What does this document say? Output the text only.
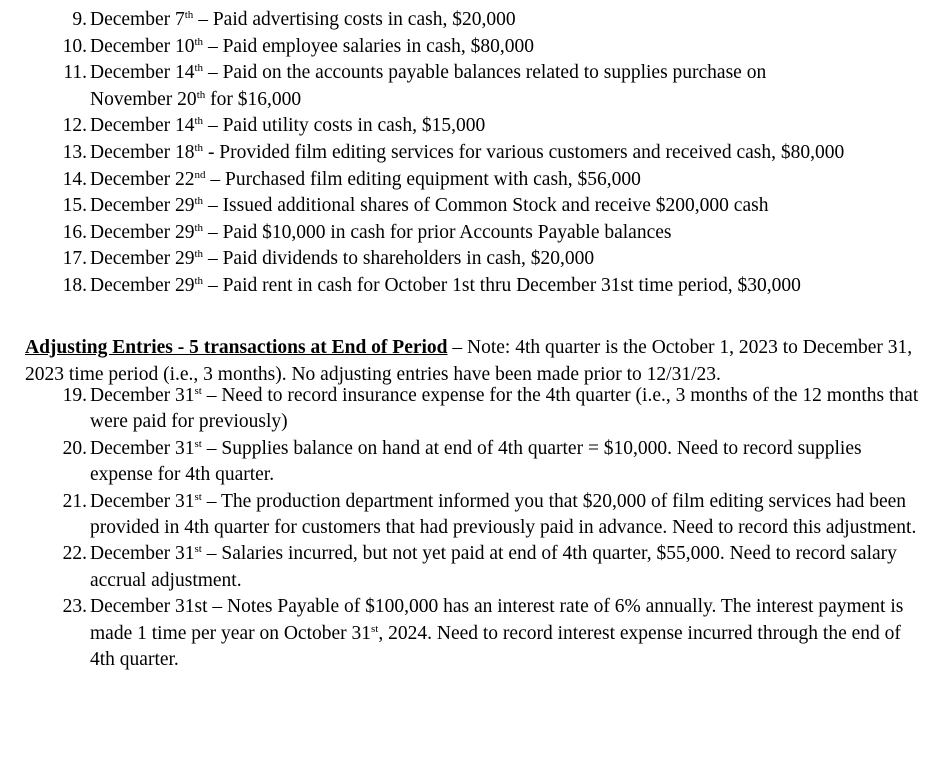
9. December 7th – Paid advertising costs in cash, $20,000
10. December 10th – Paid employee salaries in cash, $80,000
11. December 14th – Paid on the accounts payable balances related to supplies purchase on
November 20th for $16,000
12. December 14th – Paid utility costs in cash, $15,000
13. December 18th - Provided film editing services for various customers and received cash, $80,000
14. December 22nd – Purchased film editing equipment with cash, $56,000
15. December 29th – Issued additional shares of Common Stock and receive $200,000 cash
16. December 29th – Paid $10,000 in cash for prior Accounts Payable balances
17. December 29th – Paid dividends to shareholders in cash, $20,000
18. December 29th – Paid rent in cash for October 1st thru December 31st time period, $30,000

Adjusting Entries - 5 transactions at End of Period – Note: 4th quarter is the October 1, 2023 to December 31, 2023 time period (i.e., 3 months). No adjusting entries have been made prior to 12/31/23.

19. December 31st – Need to record insurance expense for the 4th quarter (i.e., 3 months of the 12 months that were paid for previously)
20. December 31st – Supplies balance on hand at end of 4th quarter = $10,000. Need to record supplies expense for 4th quarter.
21. December 31st – The production department informed you that $20,000 of film editing services had been provided in 4th quarter for customers that had previously paid in advance. Need to record this adjustment.
22. December 31st – Salaries incurred, but not yet paid at end of 4th quarter, $55,000. Need to record salary accrual adjustment.
23. December 31st – Notes Payable of $100,000 has an interest rate of 6% annually. The interest payment is made 1 time per year on October 31st, 2024. Need to record interest expense incurred through the end of 4th quarter.
